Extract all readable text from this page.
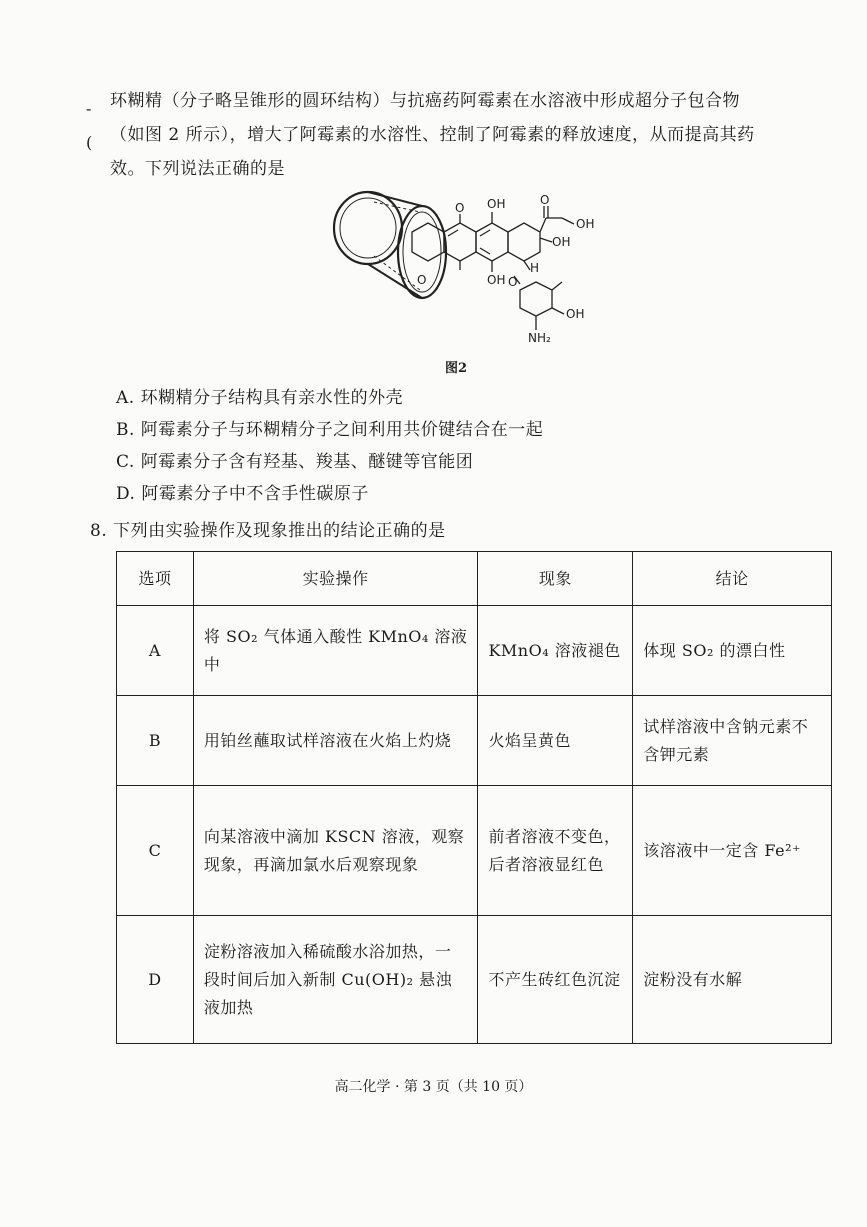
-
(

环糊精（分子略呈锥形的圆环结构）与抗癌药阿霉素在水溶液中形成超分子包合物

（如图 2 所示），增大了阿霉素的水溶性、控制了阿霉素的释放速度，从而提高其药

效。下列说法正确的是

OH
OH
OH
OH
OH
NH₂
O
O
O
H
O
图2
A. 环糊精分子结构具有亲水性的外壳
B. 阿霉素分子与环糊精分子之间利用共价键结合在一起
C. 阿霉素分子含有羟基、羧基、醚键等官能团
D. 阿霉素分子中不含手性碳原子
8. 下列由实验操作及现象推出的结论正确的是
选项	实验操作	现象	结论
A	将 SO₂ 气体通入酸性 KMnO₄ 溶液中	KMnO₄ 溶液褪色	体现 SO₂ 的漂白性
B	用铂丝蘸取试样溶液在火焰上灼烧	火焰呈黄色	试样溶液中含钠元素不含钾元素
C	向某溶液中滴加 KSCN 溶液，观察现象，再滴加氯水后观察现象	前者溶液不变色，后者溶液显红色	该溶液中一定含 Fe²⁺
D	淀粉溶液加入稀硫酸水浴加热，一段时间后加入新制 Cu(OH)₂ 悬浊液加热	不产生砖红色沉淀	淀粉没有水解
高二化学 · 第 3 页（共 10 页）
